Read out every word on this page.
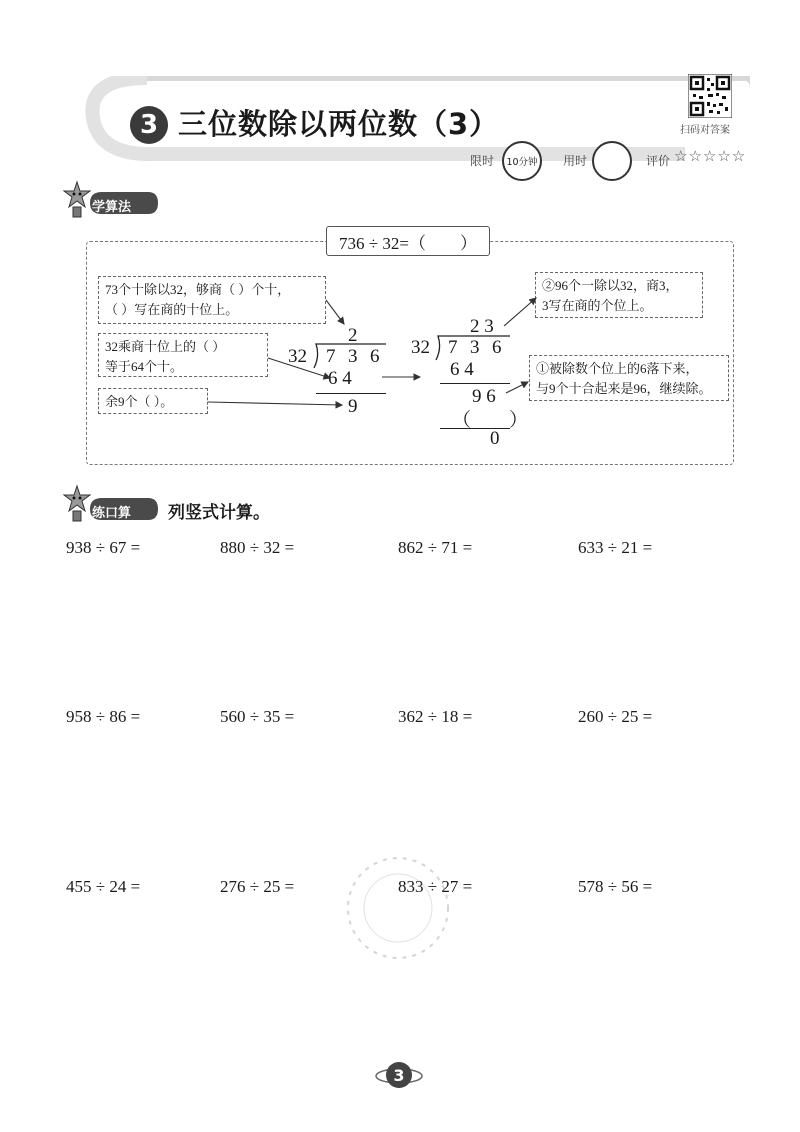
3 三位数除以两位数（3）	扫码对答案
限时 10分钟 用时	评价 ☆☆☆☆☆
学算法
736 ÷ 32=（　　）
73个十除以32，够商（ ）个十，
（ ）写在商的十位上。
32乘商十位上的（ ）
等于64个十。
余9个（ ）。
②96个一除以32，商3，
3写在商的个位上。
①被除数个位上的6落下来，
与9个十合起来是96，继续除。
2
32 7 3 6
6 4
9
2 3
32 7 3 6
6 4
9 6
（　　）
0
练口算 列竖式计算。
938 ÷ 67 =	880 ÷ 32 =	862 ÷ 71 =	633 ÷ 21 =
958 ÷ 86 =	560 ÷ 35 =	362 ÷ 18 =	260 ÷ 25 =
455 ÷ 24 =	276 ÷ 25 =	833 ÷ 27 =	578 ÷ 56 =
3
